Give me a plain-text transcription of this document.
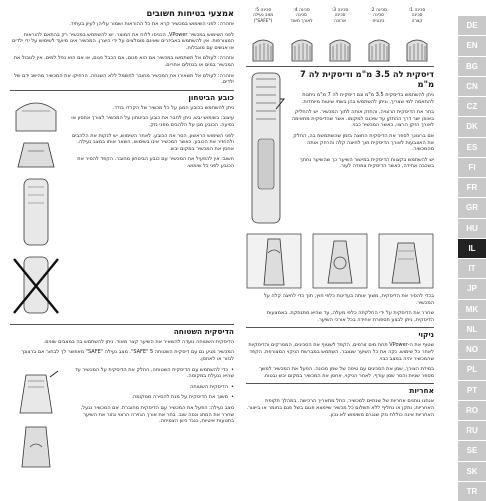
סכינה 5:
מצב נעילה
("SAFE")
סכינה 4:
סכינה
לאורך מאוד
סכינה 3:
סכינה
ארוכה
סכינה 2:
סכינה
בינונית
סכינה 1:
סכינה
קצרה
דיסקית לה 3.5 מ"מ ודיסקית לה 7 מ"מ
ניתן להשתמש בדיסקית 3.5 מ"מ וגם דיסקית לה 7 מ"מ ניתנות להתאמה למי שצריך, וניתן להשתמש בהן בשתי שיטות מיוחדות.
בחר את הדיסקית הרצויה, והחזק אותה לתוך המכשיר. יש להחליק באופן ישר דרך ההתקן עד שיכנס למקומו. אשר שהדיסקית מתאימה לאורך הזקן הרצוי, כאשר המכשיר כבוי.
אם ברצונך לספר את הדיסקית החוצה בזמן שהשתמשת בה, החלק את האצבעות לאורך הדיסקית תוך לחיצה קלה והרחק אותה מהמכשיר.
יש להשתמש בקצוות הדיסקית במישור השיער כך שהשיער נחתך בשכבה אחידה, כאשר הדיסקית צמודה לעור.
בכדי להסיר את הדיסקית, משוך אותה בעדינות כלפי חוץ, תוך כדי לחיצה קלה על המכשיר.
שחרר את הדיסקית על ידי החלקתה כלפי מעלה, עד שהיא מתנתקת. באמצעות הדיסקית, ניתן לבצע תספורת אחידה בכל אורכי השיער.
ניקוי
שטוף את ה-VPower תחת מים זורמים. הקפד לשטוף את הסכינים, המסרקים והדיסקיות לאחר כל שימוש. נקה את כל השיער שנצבר. השתמש במברשת הניקוי המצורפת. הקפד שהמכשיר יהיה במצב כבוי.
במידת הצורך, שמן את הסכינים עם טיפה של שמן מכונה. הפעל את המכשיר למשך מספר שניות והסר שמן עודף. לאחר הניקוי, אחסן את המכשיר במקום יבש ובטוח.
אחריות
אנחנו נותנים אחריות של שנתיים למכשיר, החל מתאריך הרכישה. במהלך תקופת האחריות, נתקן או נחליף ללא תשלום כל מכשיר שיימצא פגום בשל פגם בחומר או בייצור. האחריות אינה כוללת נזק שנגרם משימוש לא נכון.
אמצעי בטיחות חשובים
אזהרה: לפני השימוש במכשיר קרא את כל ההוראות ושמור עליהן לעיון בעתיד.
לפני השימוש במכשיר VPower, הכניסו ללוח את המוצר. יש להשתמש במכשיר רק בהתאם להוראות המצורפות. אין להשתמש באביזרים שאינם מומלצים על ידי היצרן. המכשיר אינו מיועד לשימוש על ידי ילדים או אנשים עם מוגבלות.
אזהרה: לעולם אל תשתמשו במכשיר אם הוא פגום, אם הכבל פגום, או אם הוא נפל למים. אין לטבול את המכשיר במים או בנוזלים אחרים.
אזהרה: לעולם אל תשאירו את המכשיר מחובר לחשמל ללא השגחה. הרחיקו את המכשיר מהישג ידם של ילדים.
כובע הביטחון
ניתן להשתמש בכובע המגן על כל מכשיר של הקרדו בודד.
עיצוב: בשימוש יבש, ניתן לחבר את כובע הביטחון על המכשיר לצורך אחסון או נסיעה. הכובע מגן על הלהבים מפני נזק.
לפני השימוש הראשון, הסר את הכובע. לאחר השימוש, יש לנקות את הלהבים ולהחזיר את הכובע. כאשר המכשיר אינו בשימוש, השאר אותו במצב נעילה. אחסן את המכשיר במקום יבש.
חשוב: אין להפעיל את המכשיר עם כובע הביטחון מחובר. הקפד להסיר את הכובע לפני כל שימוש.

הדיסקית השטוחה
הדיסקית השטוחה נועדה להשאיר את השיער קצר מאוד. ניתן להשתמש בה במצבים שונים.
המכשיר מגיע גם עם דיסקית השטוחה 5 "SAFE". מצב נעילה "SAFE" מאפשר לך לבחור אם ברצונך לגזור או לאחסן.
•כדי להשתמש עם הדיסקית השטוחה, החלק את הדיסקית על המכשיר עד שהיא ננעלת במקומה.
•הדיסקית השטוחה
•משוך את הדיסקית על מנת להסירה ממקומה.
מצב נעילה: הפעל את המכשיר עם הדיסקית מחוברת. אם המכשיר ננעל, שחרר את המתג ונסה שוב. בחר את אורך הגזירה הרצוי וגזור את השיער בתנועות איטיות, כנגד כיוון הצמיחה.

DE
EN
BG
CN
CZ
DK
ES
FI
FR
GR
HU
IL
IT
JP
MK
NL
NO
PL
PT
RO
RU
SE
SK
TR
